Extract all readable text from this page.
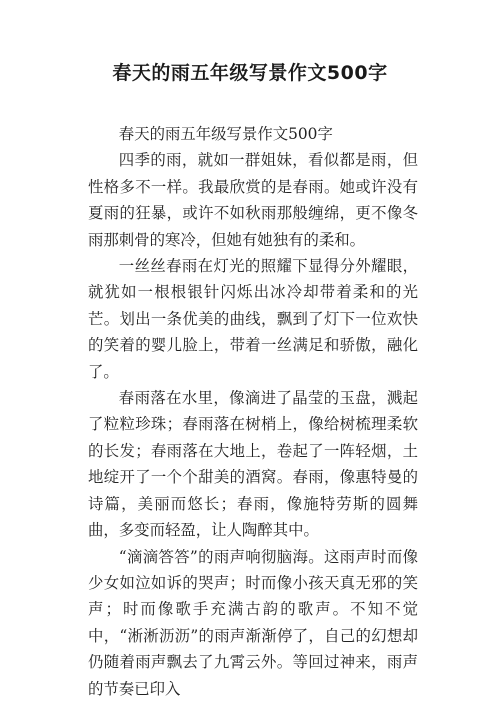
春天的雨五年级写景作文500字

春天的雨五年级写景作文500字

四季的雨，就如一群姐妹，看似都是雨，但性格多不一样。我最欣赏的是春雨。她或许没有夏雨的狂暴，或许不如秋雨那般缠绵，更不像冬雨那刺骨的寒冷，但她有她独有的柔和。

一丝丝春雨在灯光的照耀下显得分外耀眼，就犹如一根根银针闪烁出冰冷却带着柔和的光芒。划出一条优美的曲线，飘到了灯下一位欢快的笑着的婴儿脸上，带着一丝满足和骄傲，融化了。

春雨落在水里，像滴进了晶莹的玉盘，溅起了粒粒珍珠；春雨落在树梢上，像给树梳理柔软的长发；春雨落在大地上，卷起了一阵轻烟，土地绽开了一个个甜美的酒窝。春雨，像惠特曼的诗篇，美丽而悠长；春雨，像施特劳斯的圆舞曲，多变而轻盈，让人陶醉其中。

“滴滴答答”的雨声响彻脑海。这雨声时而像少女如泣如诉的哭声；时而像小孩天真无邪的笑声；时而像歌手充满古韵的歌声。不知不觉中，“淅淅沥沥”的雨声渐渐停了，自己的幻想却仍随着雨声飘去了九霄云外。等回过神来，雨声的节奏已印入
